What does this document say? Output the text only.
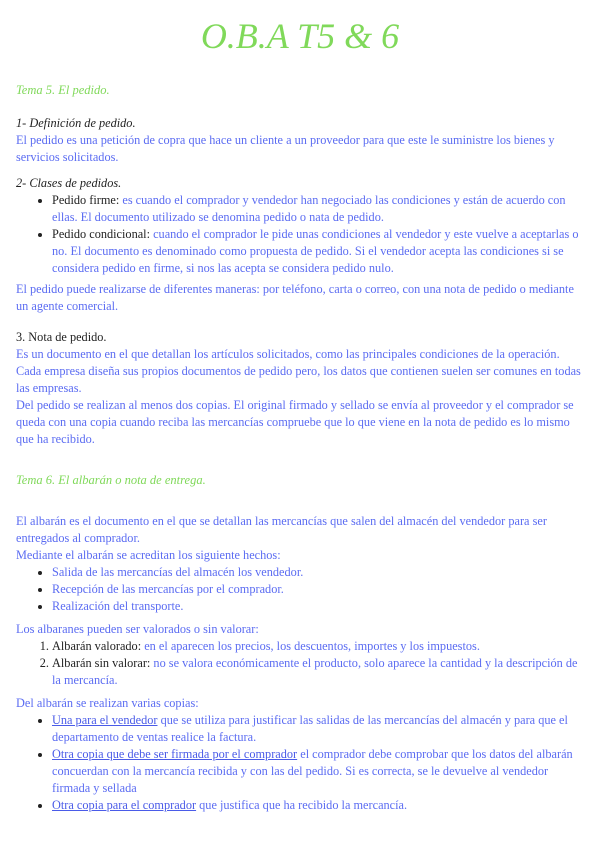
O.B.A T5 & 6

Tema 5. El pedido.

1- Definición de pedido.

El pedido es una petición de copra que hace un cliente a un proveedor para que este le suministre los bienes y servicios solicitados.

2- Clases de pedidos.

• Pedido firme: es cuando el comprador y vendedor han negociado las condiciones y están de acuerdo con ellas. El documento utilizado se denomina pedido o nata de pedido.
• Pedido condicional: cuando el comprador le pide unas condiciones al vendedor y este vuelve a aceptarlas o no. El documento es denominado como propuesta de pedido. Si el vendedor acepta las condiciones si se considera pedido en firme, si nos las acepta se considera pedido nulo.

El pedido puede realizarse de diferentes maneras: por teléfono, carta o correo, con una nota de pedido o mediante un agente comercial.

3. Nota de pedido.

Es un documento en el que detallan los artículos solicitados, como las principales condiciones de la operación. Cada empresa diseña sus propios documentos de pedido pero, los datos que contienen suelen ser comunes en todas las empresas.

Del pedido se realizan al menos dos copias. El original firmado y sellado se envía al proveedor y el comprador se queda con una copia cuando reciba las mercancías compruebe que lo que viene en la nota de pedido es lo mismo que ha recibido.

Tema 6. El albarán o nota de entrega.

El albarán es el documento en el que se detallan las mercancías que salen del almacén del vendedor para ser entregados al comprador.

Mediante el albarán se acreditan los siguiente hechos:

• Salida de las mercancías del almacén los vendedor.
• Recepción de las mercancías por el comprador.
• Realización del transporte.

Los albaranes pueden ser valorados o sin valorar:

1. Albarán valorado: en el aparecen los precios, los descuentos, importes y los impuestos.
2. Albarán sin valorar: no se valora económicamente el producto, solo aparece la cantidad y la descripción de la mercancía.

Del albarán se realizan varias copias:

• Una para el vendedor que se utiliza para justificar las salidas de las mercancías del almacén y para que el departamento de ventas realice la factura.
• Otra copia que debe ser firmada por el comprador el comprador debe comprobar que los datos del albarán concuerdan con la mercancía recibida y con las del pedido. Si es correcta, se le devuelve al vendedor firmada y sellada
• Otra copia para el comprador que justifica que ha recibido la mercancía.
